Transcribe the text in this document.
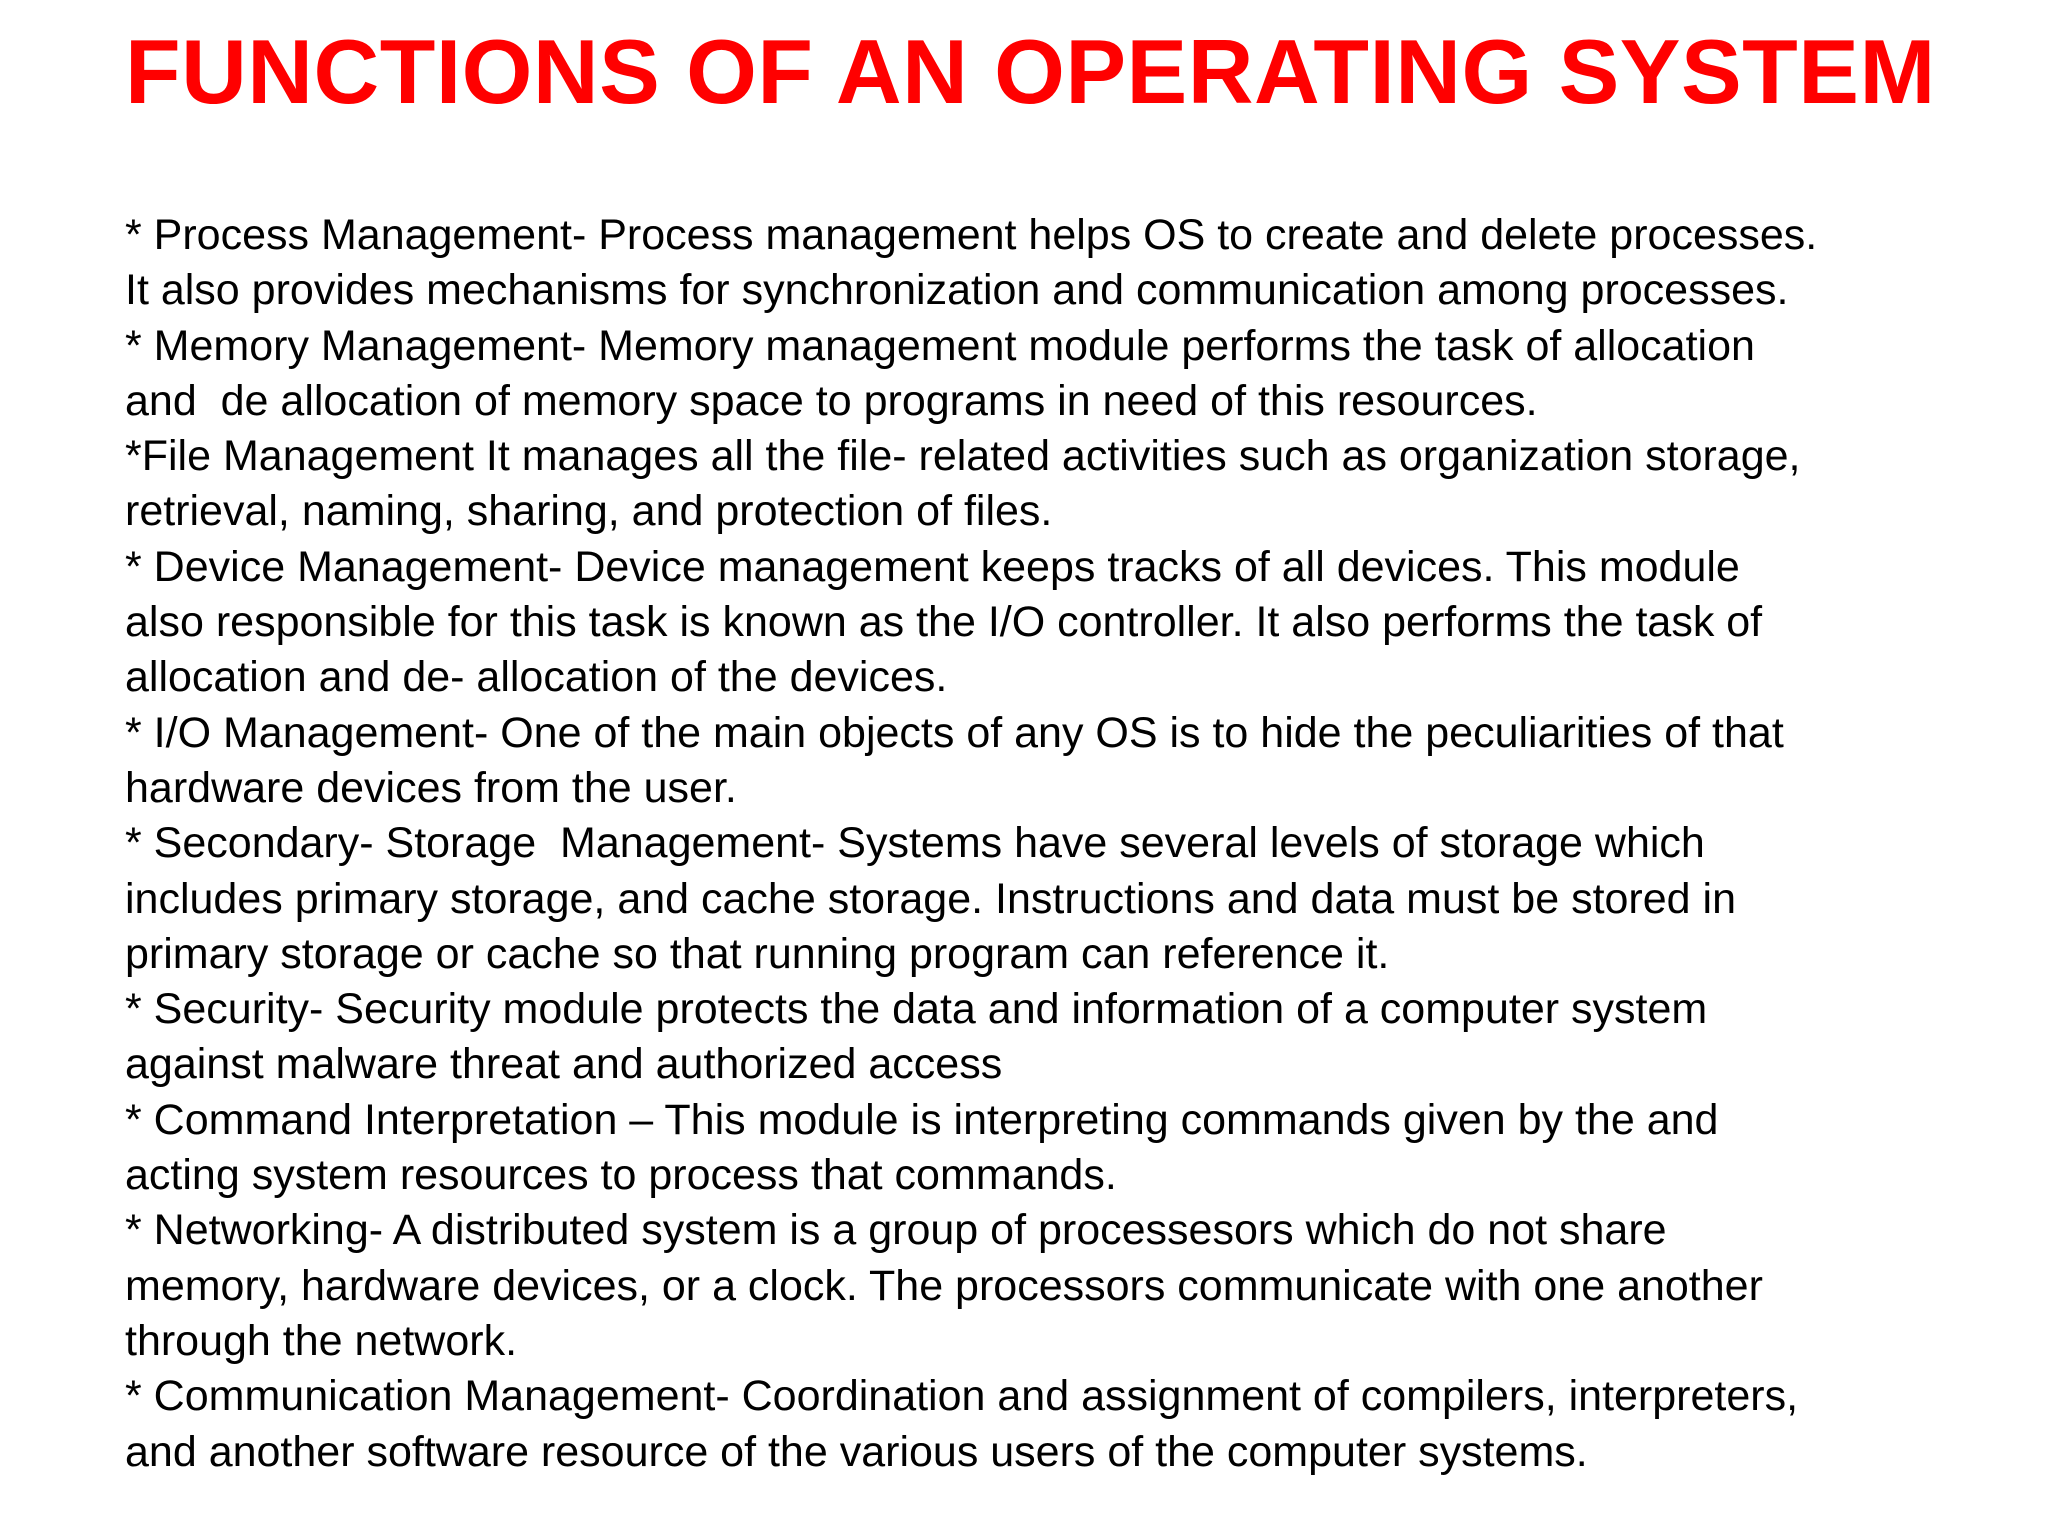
FUNCTIONS OF AN OPERATING SYSTEM
* Process Management- Process management helps OS to create and delete processes.
It also provides mechanisms for synchronization and communication among processes.
* Memory Management- Memory management module performs the task of allocation
and  de allocation of memory space to programs in need of this resources.
*File Management It manages all the file- related activities such as organization storage,
retrieval, naming, sharing, and protection of files.
* Device Management- Device management keeps tracks of all devices. This module
also responsible for this task is known as the I/O controller. It also performs the task of
allocation and de- allocation of the devices.
* I/O Management- One of the main objects of any OS is to hide the peculiarities of that
hardware devices from the user.
* Secondary- Storage  Management- Systems have several levels of storage which
includes primary storage, and cache storage. Instructions and data must be stored in
primary storage or cache so that running program can reference it.
* Security- Security module protects the data and information of a computer system
against malware threat and authorized access
* Command Interpretation – This module is interpreting commands given by the and
acting system resources to process that commands.
* Networking- A distributed system is a group of processesors which do not share
memory, hardware devices, or a clock. The processors communicate with one another
through the network.
* Communication Management- Coordination and assignment of compilers, interpreters,
and another software resource of the various users of the computer systems.
